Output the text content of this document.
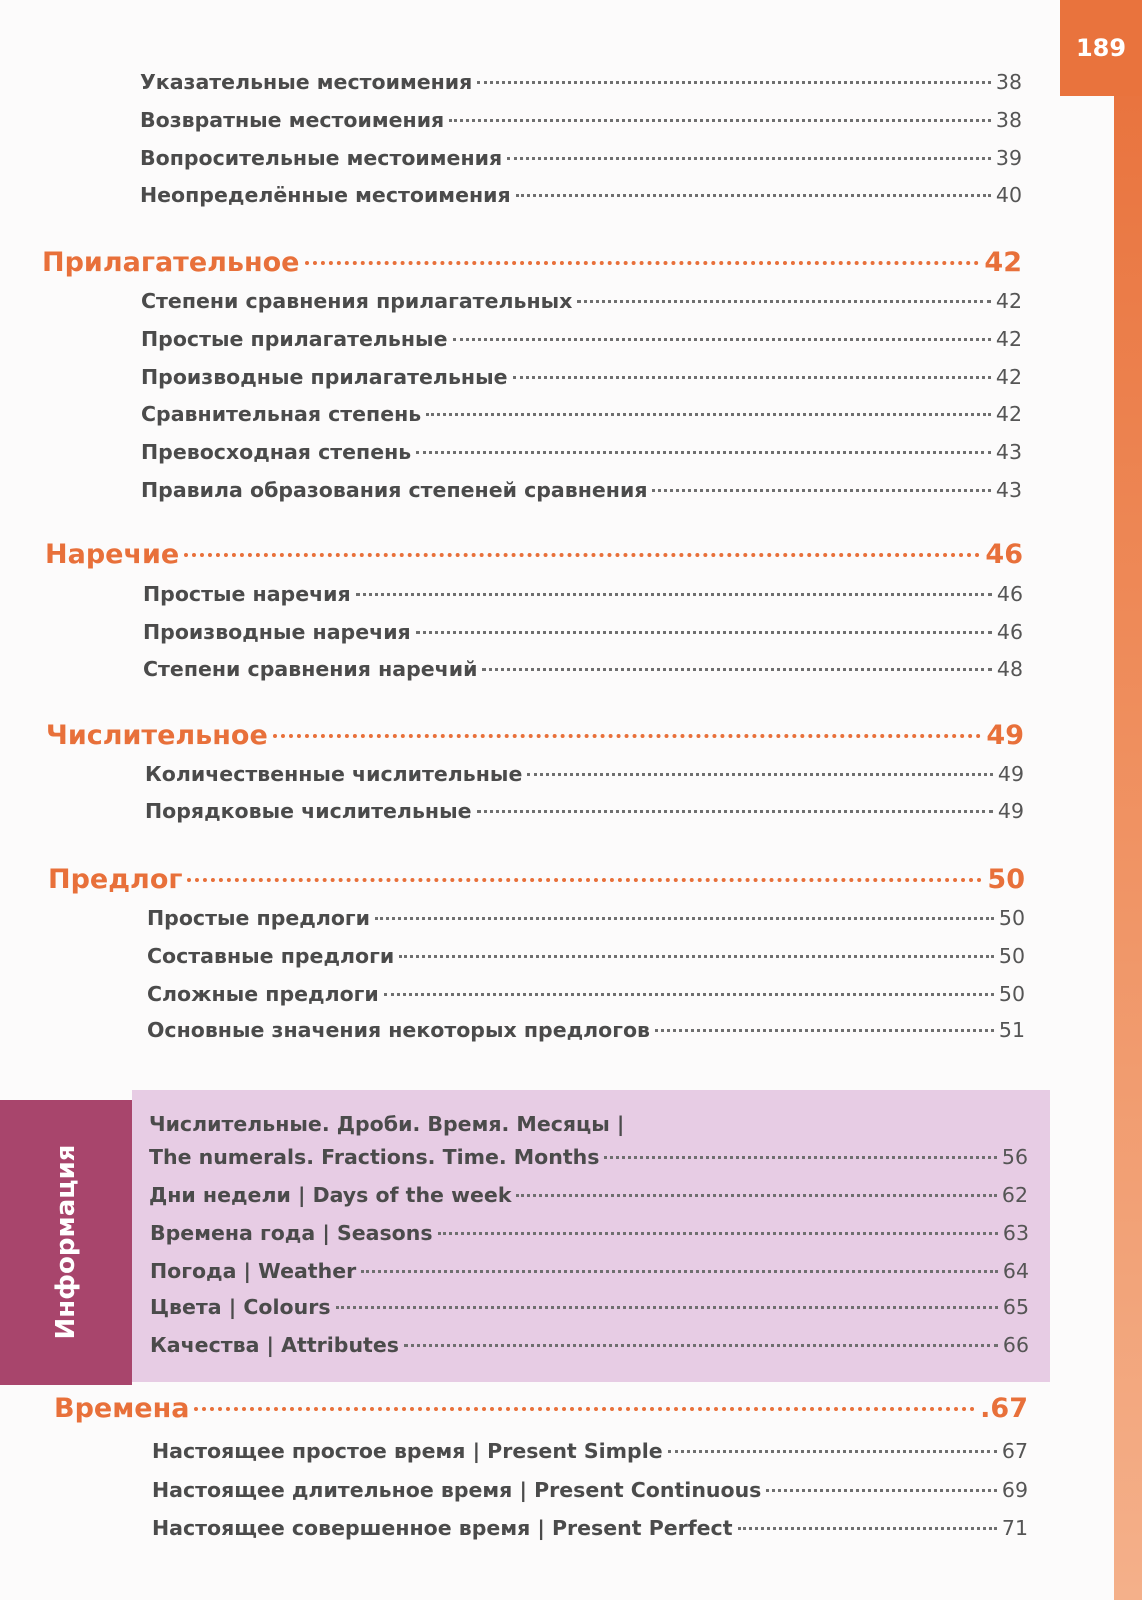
189
Информация
Указательные местоимения	38
Возвратные местоимения	38
Вопросительные местоимения	39
Неопределённые местоимения	40
Прилагательное	42
Степени сравнения прилагательных	42
Простые прилагательные	42
Производные прилагательные	42
Сравнительная степень	42
Превосходная степень	43
Правила образования степеней сравнения	43
Наречие	46
Простые наречия	46
Производные наречия	46
Степени сравнения наречий	48
Числительное	49
Количественные числительные	49
Порядковые числительные	49
Предлог	50
Простые предлоги	50
Составные предлоги	50
Сложные предлоги	50
Основные значения некоторых предлогов	51
Числительные. Дроби. Время. Месяцы |
The numerals. Fractions. Time. Months	56
Дни недели | Days of the week	62
Времена года | Seasons	63
Погода | Weather	64
Цвета | Colours	65
Качества | Attributes	66
Времена	.67
Настоящее простое время | Present Simple	67
Настоящее длительное время | Present Continuous	69
Настоящее совершенное время | Present Perfect	71
